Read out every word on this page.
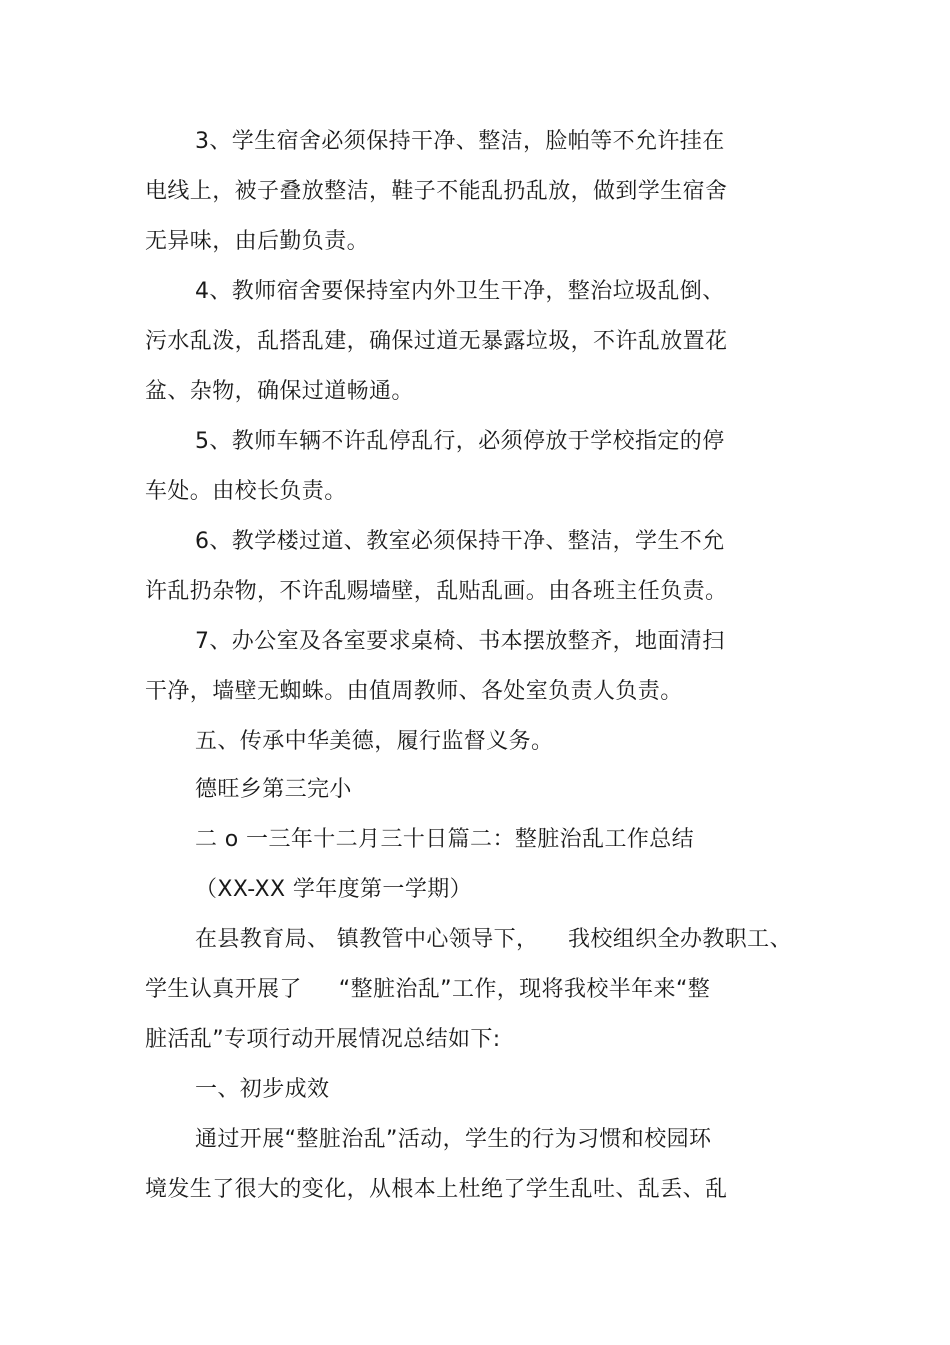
3、学生宿舍必须保持干净、整洁，脸帕等不允许挂在
电线上，被子叠放整洁，鞋子不能乱扔乱放，做到学生宿舍
无异味，由后勤负责。
4、教师宿舍要保持室内外卫生干净，整治垃圾乱倒、
污水乱泼，乱搭乱建，确保过道无暴露垃圾，不许乱放置花
盆、杂物，确保过道畅通。
5、教师车辆不许乱停乱行，必须停放于学校指定的停
车处。由校长负责。
6、教学楼过道、教室必须保持干净、整洁，学生不允
许乱扔杂物，不许乱赐墙壁，乱贴乱画。由各班主任负责。
7、办公室及各室要求桌椅、书本摆放整齐，地面清扫
干净，墙壁无蜘蛛。由值周教师、各处室负责人负责。
五、传承中华美德，履行监督义务。
德旺乡第三完小
二 o 一三年十二月三十日篇二：整脏治乱工作总结
（XX-XX 学年度第一学期）
在县教育局、 镇教管中心领导下，    我校组织全办教职工、
学生认真开展了     “整脏治乱”工作，现将我校半年来“整
脏活乱”专项行动开展情况总结如下:
一、初步成效
通过开展“整脏治乱”活动，学生的行为习惯和校园环
境发生了很大的变化，从根本上杜绝了学生乱吐、乱丢、乱
